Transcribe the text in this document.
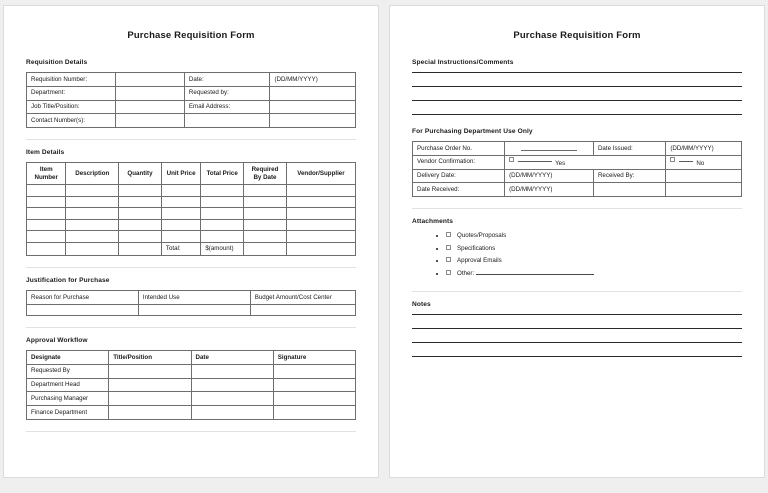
Purchase Requisition Form
Requisition Details
Requisition Number:		Date:	(DD/MM/YYYY)
Department:		Requested by:	
Job Title/Position:		Email Address:	
Contact Number(s):			
Item Details
Item Number	Description	Quantity	Unit Price	Total Price	Required By Date	Vendor/Supplier

			Total:	$(amount)		
Justification for Purchase
Reason for Purchase	Intended Use	Budget Amount/Cost Center

Approval Workflow
Designate	Title/Position	Date	Signature
Requested By			
Department Head			
Purchasing Manager			
Finance Department			
Purchase Requisition Form
Special Instructions/Comments
For Purchasing Department Use Only
Purchase Order No.		Date Issued:	(DD/MM/YYYY)
Vendor Confirmation:	Yes		No
Delivery Date:	(DD/MM/YYYY)	Received By:	
Date Received:	(DD/MM/YYYY)		
Attachments
• Quotes/Proposals
• Specifications
• Approval Emails
• Other:
Notes
